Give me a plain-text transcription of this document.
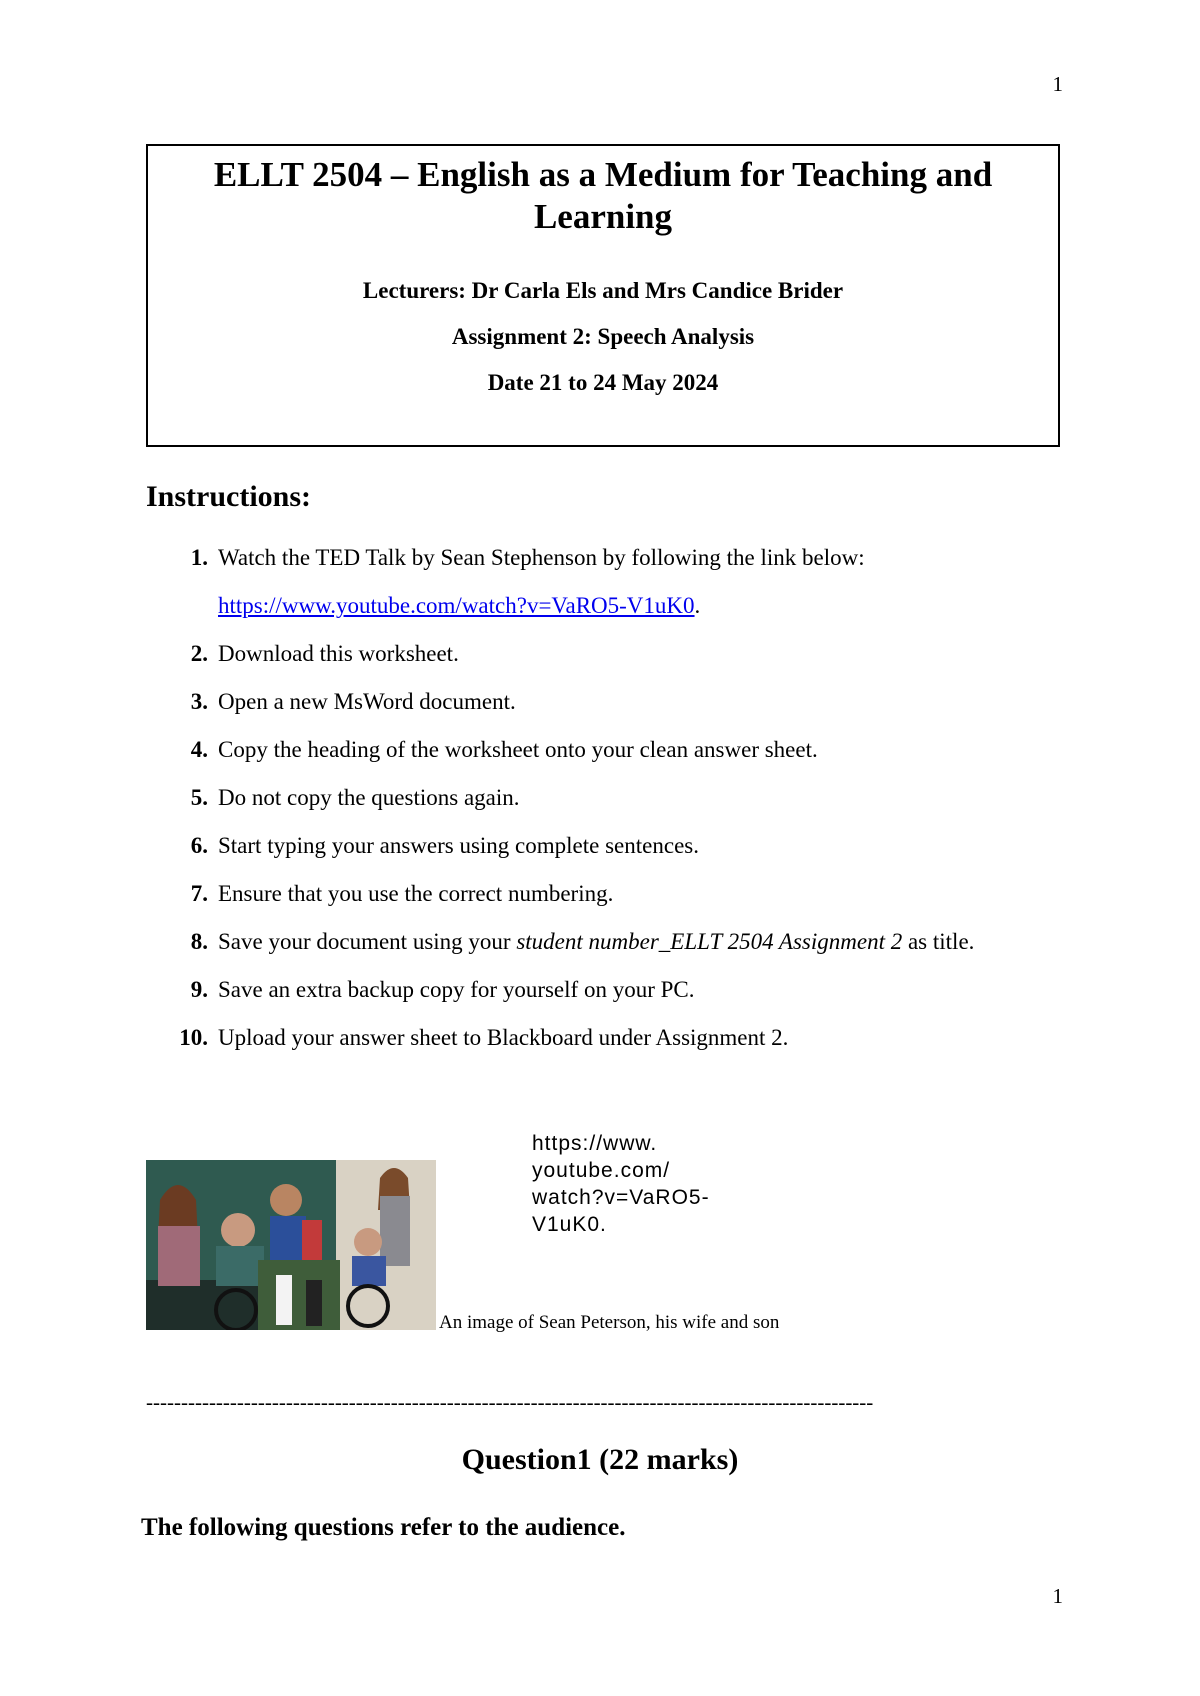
1
ELLT 2504 – English as a Medium for Teaching and Learning
Lecturers: Dr Carla Els and Mrs Candice Brider
Assignment 2: Speech Analysis
Date 21 to 24 May 2024
Instructions:
1. Watch the TED Talk by Sean Stephenson by following the link below:
https://www.youtube.com/watch?v=VaRO5-V1uK0.
2. Download this worksheet.
3. Open a new MsWord document.
4. Copy the heading of the worksheet onto your clean answer sheet.
5. Do not copy the questions again.
6. Start typing your answers using complete sentences.
7. Ensure that you use the correct numbering.
8. Save your document using your student number_ELLT 2504 Assignment 2 as title.
9. Save an extra backup copy for yourself on your PC.
10. Upload your answer sheet to Blackboard under Assignment 2.
https://www.
youtube.com/
watch?v=VaRO5-
V1uK0.
An image of Sean Peterson, his wife and son
--------------------------------------------------------------------------------------------------------
Question1 (22 marks)
The following questions refer to the audience.
1
